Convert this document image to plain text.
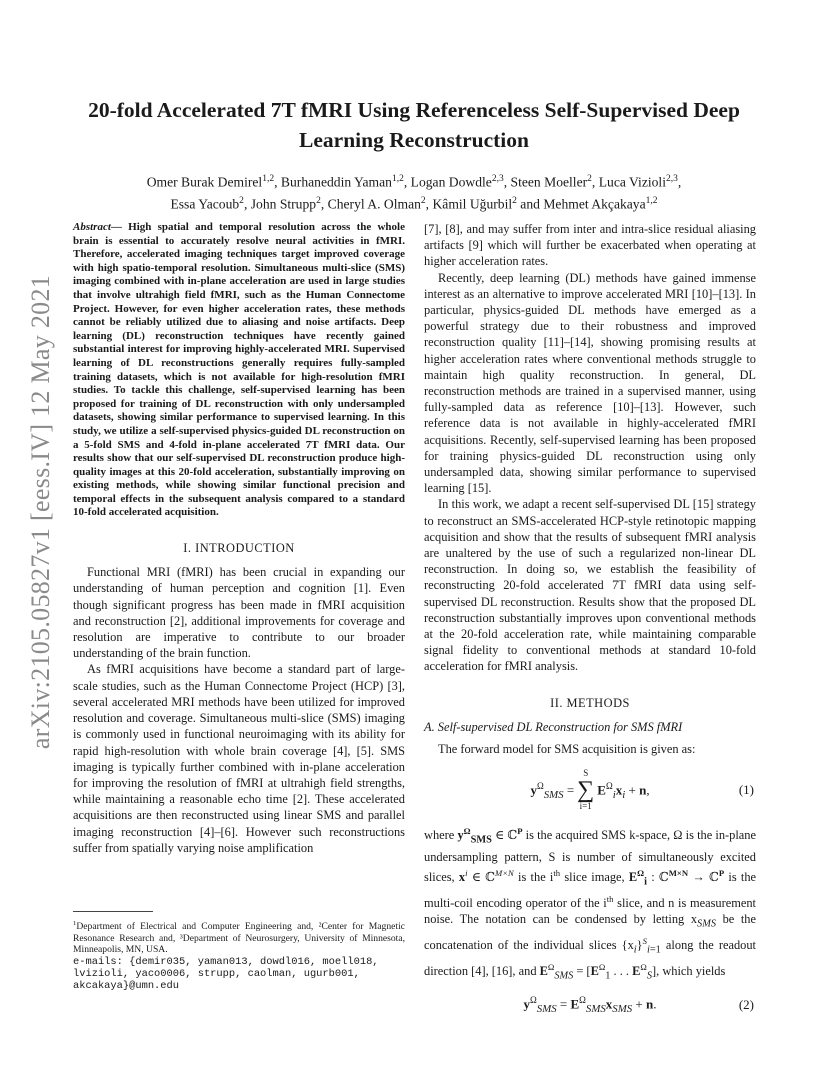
arXiv:2105.05827v1 [eess.IV] 12 May 2021
20-fold Accelerated 7T fMRI Using Referenceless Self-Supervised Deep Learning Reconstruction
Omer Burak Demirel$^{1,2}$, Burhaneddin Yaman$^{1,2}$, Logan Dowdle$^{2,3}$, Steen Moeller$^2$, Luca Vizioli$^{2,3}$,
Essa Yacoub$^2$, John Strupp$^2$, Cheryl A. Olman$^2$, Kâmil Uğurbil$^2$ and Mehmet Akçakaya$^{1,2}$

Abstract— High spatial and temporal resolution across the whole brain is essential to accurately resolve neural activities in fMRI. Therefore, accelerated imaging techniques target improved coverage with high spatio-temporal resolution. Simultaneous multi-slice (SMS) imaging combined with in-plane acceleration are used in large studies that involve ultrahigh field fMRI, such as the Human Connectome Project. However, for even higher acceleration rates, these methods cannot be reliably utilized due to aliasing and noise artifacts. Deep learning (DL) reconstruction techniques have recently gained substantial interest for improving highly-accelerated MRI. Supervised learning of DL reconstructions generally requires fully-sampled training datasets, which is not available for high-resolution fMRI studies. To tackle this challenge, self-supervised learning has been proposed for training of DL reconstruction with only undersampled datasets, showing similar performance to supervised learning. In this study, we utilize a self-supervised physics-guided DL reconstruction on a 5-fold SMS and 4-fold in-plane accelerated 7T fMRI data. Our results show that our self-supervised DL reconstruction produce high-quality images at this 20-fold acceleration, substantially improving on existing methods, while showing similar functional precision and temporal effects in the subsequent analysis compared to a standard 10-fold accelerated acquisition.

I. INTRODUCTION

Functional MRI (fMRI) has been crucial in expanding our understanding of human perception and cognition [1]. Even though significant progress has been made in fMRI acquisition and reconstruction [2], additional improvements for coverage and resolution are imperative to contribute to our broader understanding of the brain function.

As fMRI acquisitions have become a standard part of large-scale studies, such as the Human Connectome Project (HCP) [3], several accelerated MRI methods have been utilized for improved resolution and coverage. Simultaneous multi-slice (SMS) imaging is commonly used in functional neuroimaging with its ability for rapid high-resolution with whole brain coverage [4], [5]. SMS imaging is typically further combined with in-plane acceleration for improving the resolution of fMRI at ultrahigh field strengths, while maintaining a reasonable echo time [2]. These accelerated acquisitions are then reconstructed using linear SMS and parallel imaging reconstruction [4]–[6]. However such reconstructions suffer from spatially varying noise amplification

$^1$Department of Electrical and Computer Engineering and, ²Center for Magnetic Resonance Research and, ³Department of Neurosurgery, University of Minnesota, Minneapolis, MN, USA.
e-mails: {demir035, yaman013, dowdl016, moell018, lvizioli, yaco0006, strupp, caolman, ugurb001, akcakaya}@umn.edu

[7], [8], and may suffer from inter and intra-slice residual aliasing artifacts [9] which will further be exacerbated when operating at higher acceleration rates.

Recently, deep learning (DL) methods have gained immense interest as an alternative to improve accelerated MRI [10]–[13]. In particular, physics-guided DL methods have emerged as a powerful strategy due to their robustness and improved reconstruction quality [11]–[14], showing promising results at higher acceleration rates where conventional methods struggle to maintain high quality reconstruction. In general, DL reconstruction methods are trained in a supervised manner, using fully-sampled data as reference [10]–[13]. However, such reference data is not available in highly-accelerated fMRI acquisitions. Recently, self-supervised learning has been proposed for training physics-guided DL reconstruction using only undersampled data, showing similar performance to supervised learning [15].

In this work, we adapt a recent self-supervised DL [15] strategy to reconstruct an SMS-accelerated HCP-style retinotopic mapping acquisition and show that the results of subsequent fMRI analysis are unaltered by the use of such a regularized non-linear DL reconstruction. In doing so, we establish the feasibility of reconstructing 20-fold accelerated 7T fMRI data using self-supervised DL reconstruction. Results show that the proposed DL reconstruction substantially improves upon conventional methods at the 20-fold acceleration rate, while maintaining comparable signal fidelity to conventional methods at standard 10-fold acceleration for fMRI analysis.

II. METHODS
A. Self-supervised DL Reconstruction for SMS fMRI

The forward model for SMS acquisition is given as:

$y^\Omega_{SMS}$ =
S
∑
i=1
$E^\Omega_ix_i + n$,	(1)

where $y^\Omega_{SMS}$ ∈ ℂ$^P$ is the acquired SMS k-space, Ω is the in-plane undersampling pattern, S is number of simultaneously excited slices, $x^i$ ∈ ℂ$^{M\times N}$ is the $i^{th}$ slice image, $E^\Omega_i$ : ℂ$^{M\times N}$ → ℂ$^P$ is the multi-coil encoding operator of the $i^{th}$ slice, and n is measurement noise. The notation can be condensed by letting $x_{SMS}$ be the concatenation of the individual slices $\{x_i\}^S_{i=1}$ along the readout direction [4], [16], and $E^\Omega_{SMS} = [E^\Omega_1$ . . . $E^\Omega_S$], which yields

$y^\Omega_{SMS} = E^\Omega_{SMS}x_{SMS} + n$.	(2)
